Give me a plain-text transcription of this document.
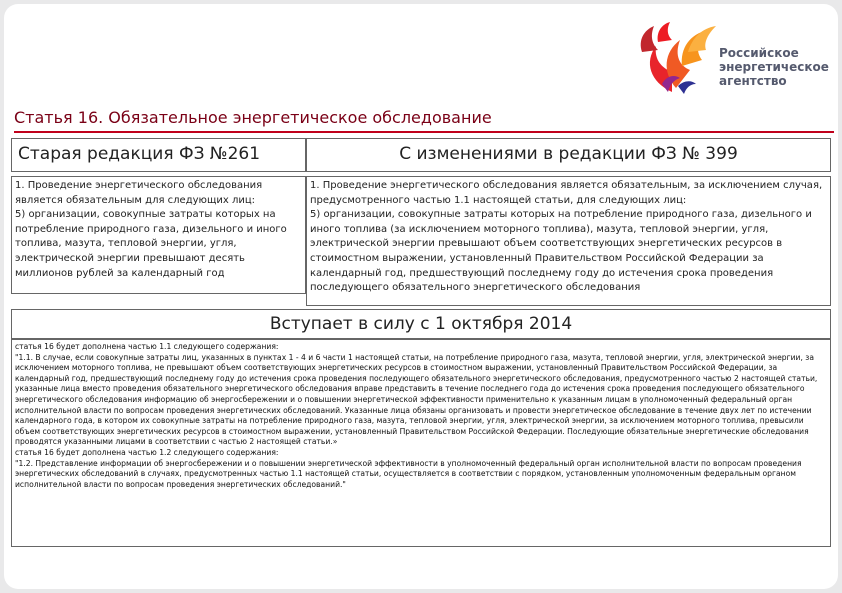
Российское
энергетическое
агентство
Статья 16. Обязательное энергетическое обследование
Старая редакция ФЗ №261
1. Проведение энергетического обследования является обязательным для следующих лиц:
5) организации, совокупные затраты которых на потребление природного газа, дизельного и иного топлива, мазута, тепловой энергии, угля, электрической энергии превышают десять миллионов рублей за календарный год
С изменениями в редакции ФЗ № 399
1. Проведение энергетического обследования является обязательным, за исключением случая, предусмотренного частью 1.1 настоящей статьи, для следующих лиц:
5) организации, совокупные затраты которых на потребление природного газа, дизельного и иного топлива (за исключением моторного топлива), мазута, тепловой энергии, угля, электрической энергии превышают объем соответствующих энергетических ресурсов в стоимостном выражении, установленный Правительством Российской Федерации за календарный год, предшествующий последнему году до истечения срока проведения последующего обязательного энергетического обследования
Вступает в силу с 1 октября 2014

статья 16 будет дополнена частью 1.1 следующего содержания:

"1.1. В случае, если совокупные затраты лиц, указанных в пунктах 1 - 4 и 6 части 1 настоящей статьи, на потребление природного газа, мазута, тепловой энергии, угля, электрической энергии, за исключением моторного топлива, не превышают объем соответствующих энергетических ресурсов в стоимостном выражении, установленный Правительством Российской Федерации, за календарный год, предшествующий последнему году до истечения срока проведения последующего обязательного энергетического обследования, предусмотренного частью 2 настоящей статьи, указанные лица вместо проведения обязательного энергетического обследования вправе представить в течение последнего года до истечения срока проведения последующего обязательного энергетического обследования информацию об энергосбережении и о повышении энергетической эффективности применительно к указанным лицам в уполномоченный федеральный орган исполнительной власти по вопросам проведения энергетических обследований. Указанные лица обязаны организовать и провести энергетическое обследование в течение двух лет по истечении календарного года, в котором их совокупные затраты на потребление природного газа, мазута, тепловой энергии, угля, электрической энергии, за исключением моторного топлива, превысили объем соответствующих энергетических ресурсов в стоимостном выражении, установленный Правительством Российской Федерации. Последующие обязательные энергетические обследования проводятся указанными лицами в соответствии с частью 2 настоящей статьи.»

статья 16 будет дополнена частью 1.2 следующего содержания:

"1.2. Представление информации об энергосбережении и о повышении энергетической эффективности в уполномоченный федеральный орган исполнительной власти по вопросам проведения энергетических обследований в случаях, предусмотренных частью 1.1 настоящей статьи, осуществляется в соответствии с порядком, установленным уполномоченным федеральным органом исполнительной власти по вопросам проведения энергетических обследований."
